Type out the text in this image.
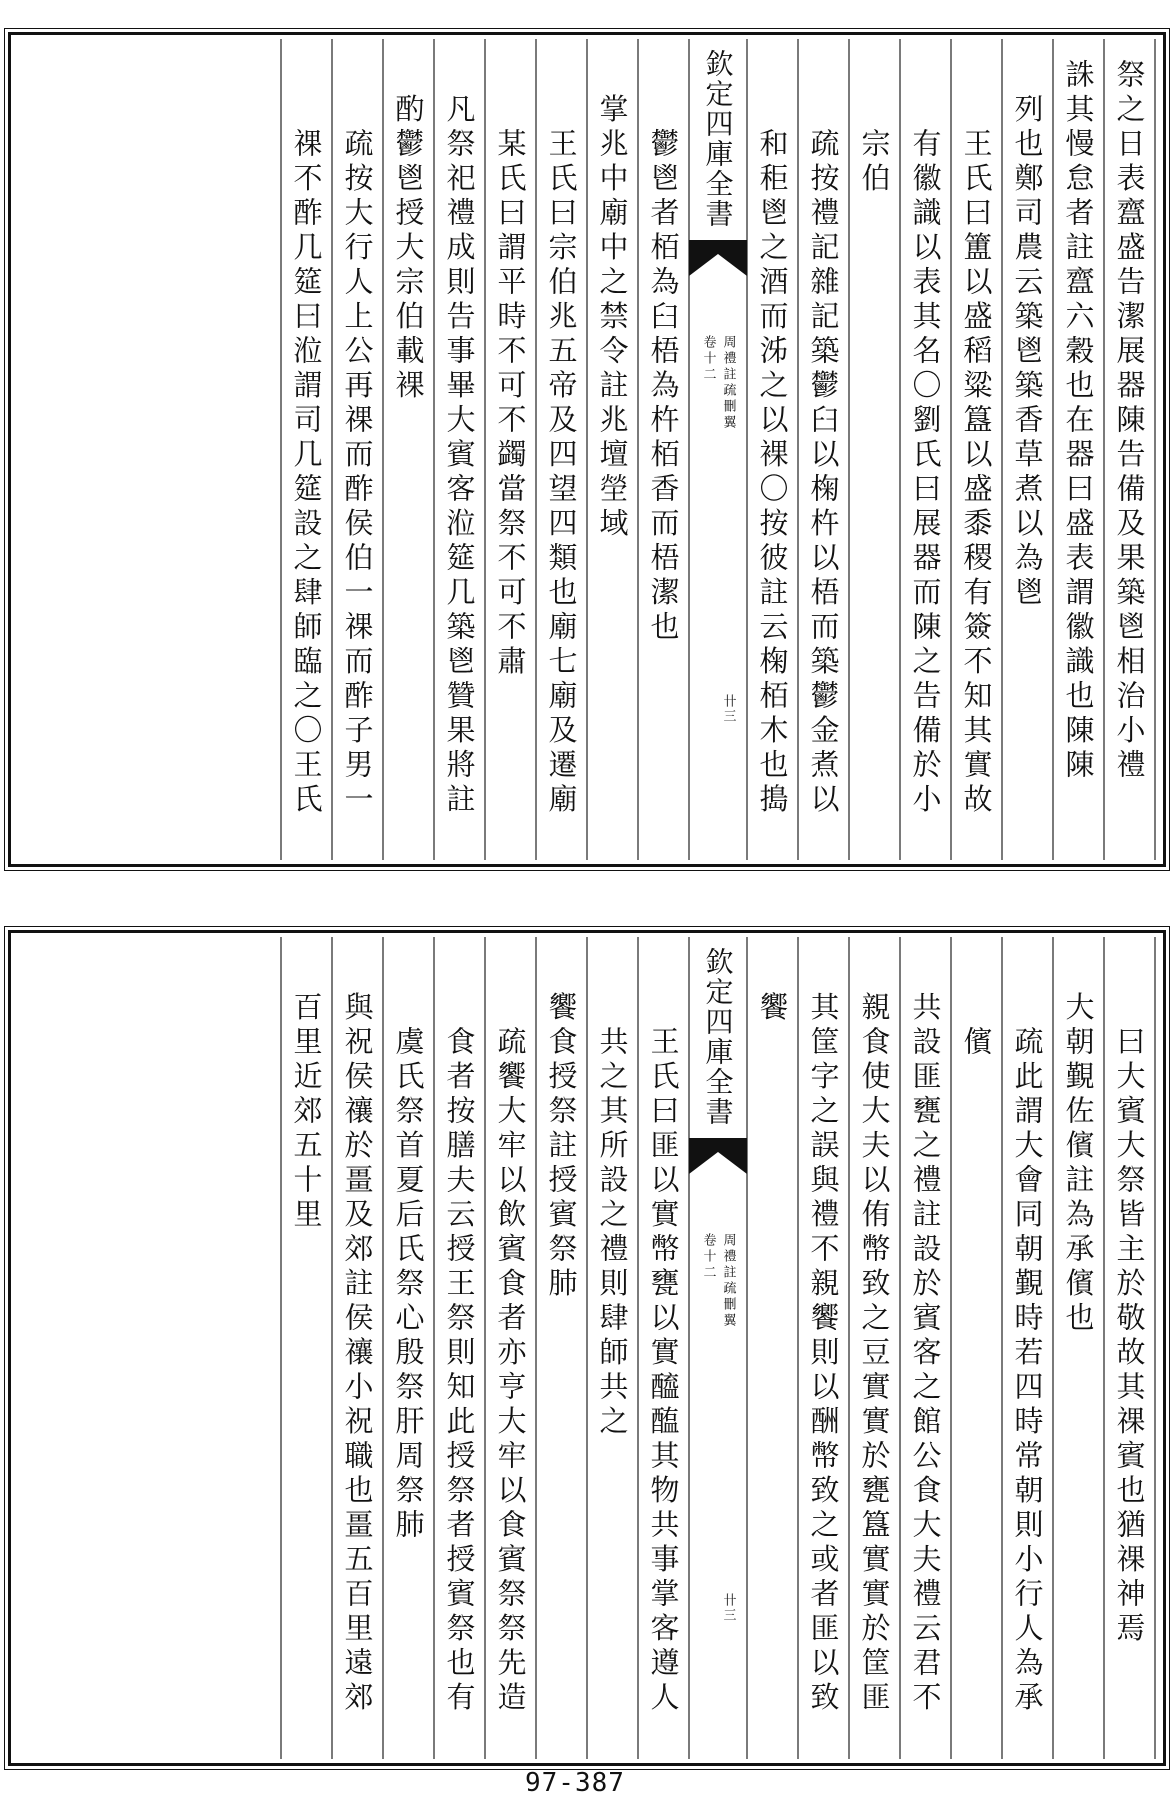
祭之日表齍盛告潔展器陳告備及果築鬯相治小禮
誅其慢怠者註齍六穀也在器曰盛表謂徽識也陳陳
列也鄭司農云築鬯築香草煮以為鬯
王氏曰簠以盛稻粱簋以盛黍稷有簽不知其實故
有徽識以表其名〇劉氏曰展器而陳之告備於小
宗伯
疏按禮記雜記築鬱臼以椈杵以梧而築鬱金煮以
和秬鬯之酒而泲之以裸〇按彼註云椈栢木也搗
鬱鬯者栢為臼梧為杵栢香而梧潔也
掌兆中廟中之禁令註兆壇塋域
王氏曰宗伯兆五帝及四望四類也廟七廟及遷廟
某氏曰謂平時不可不蠲當祭不可不肅
凡祭祀禮成則告事畢大賓客涖筵几築鬯贊果將註
酌鬱鬯授大宗伯載裸
疏按大行人上公再祼而酢侯伯一祼而酢子男一
祼不酢几筵曰涖謂司几筵設之肆師臨之〇王氏	欽定四庫全書
周禮註疏刪翼
卷十二
卄三
曰大賓大祭皆主於敬故其祼賓也猶祼神焉
大朝覲佐儐註為承儐也
疏此謂大會同朝覲時若四時常朝則小行人為承
儐
共設匪甕之禮註設於賓客之館公食大夫禮云君不
親食使大夫以侑幣致之豆實實於甕簋實實於筐匪
其筐字之誤與禮不親饗則以酬幣致之或者匪以致
饗
王氏曰匪以實幣甕以實醯醢其物共事掌客遵人
共之其所設之禮則肆師共之
饗食授祭註授賓祭肺
疏饗大牢以飲賓食者亦亨大牢以食賓祭祭先造
食者按膳夫云授王祭則知此授祭者授賓祭也有
虞氏祭首夏后氏祭心殷祭肝周祭肺
與祝侯禳於畺及郊註侯禳小祝職也畺五百里遠郊
百里近郊五十里	欽定四庫全書
周禮註疏刪翼
卷十二
卄三
97-387
